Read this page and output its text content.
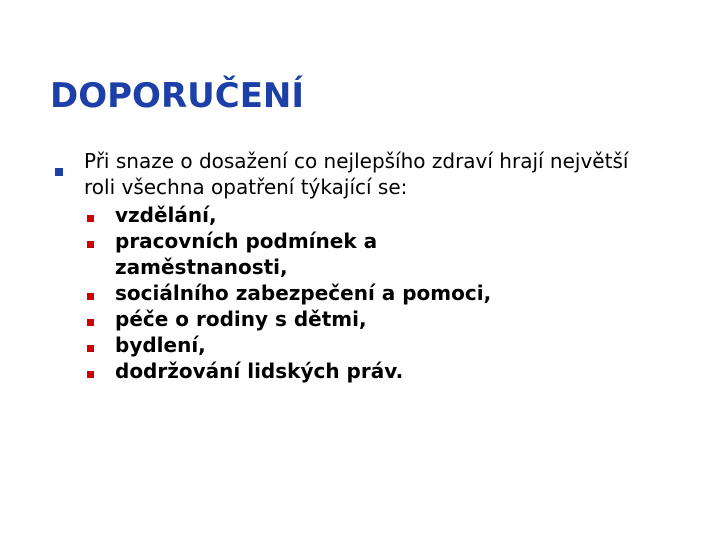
DOPORUČENÍ
Při snaze o dosažení co nejlepšího zdraví hrají největší roli všechna opatření týkající se:
vzdělání,
pracovních podmínek a zaměstnanosti,
sociálního zabezpečení a pomoci,
péče o rodiny s dětmi,
bydlení,
dodržování lidských práv.
